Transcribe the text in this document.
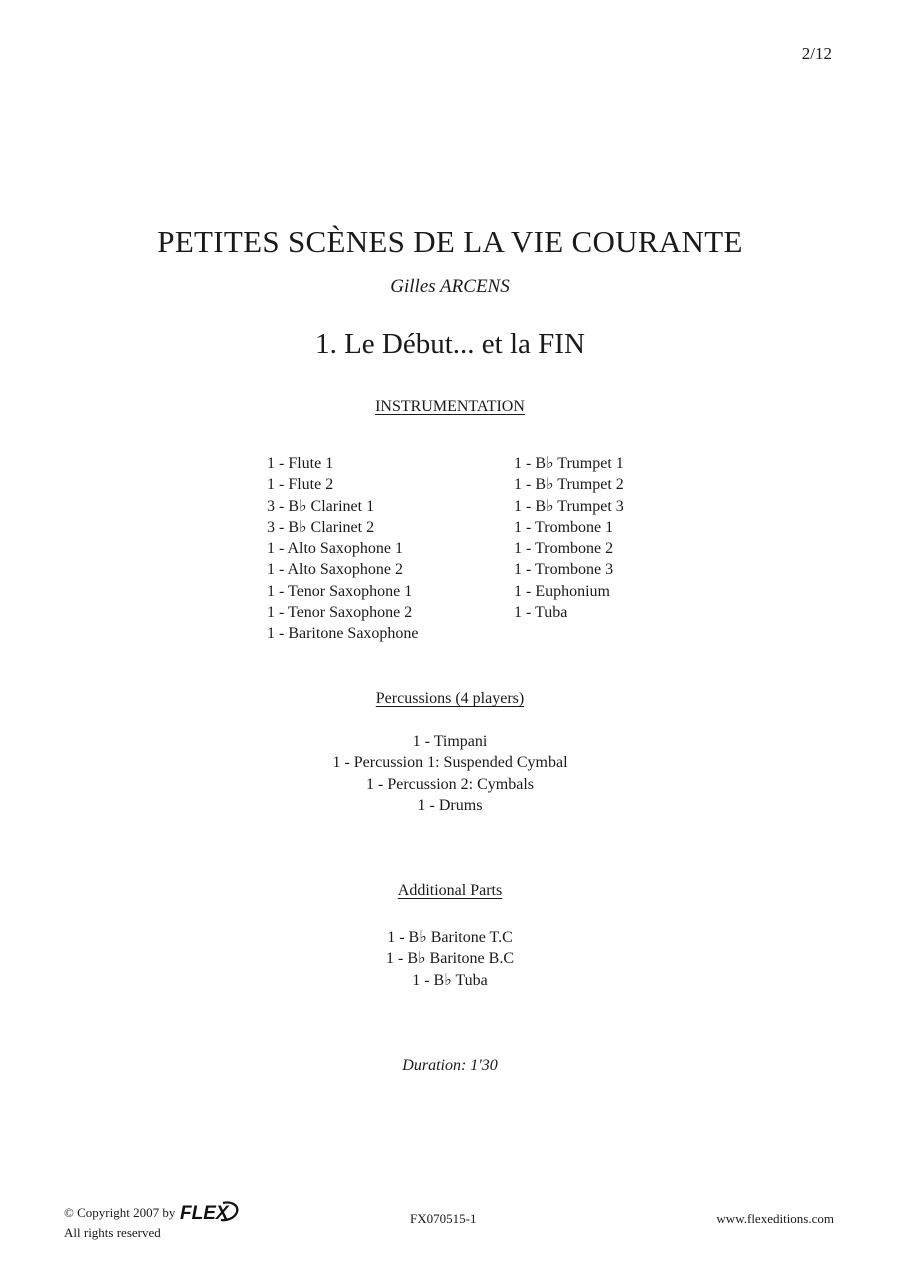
2/12
PETITES SCÈNES DE LA VIE COURANTE
Gilles ARCENS
1. Le Début... et la FIN
INSTRUMENTATION
1 - Flute 1
1 - Flute 2
3 - B♭ Clarinet 1
3 - B♭ Clarinet 2
1 - Alto Saxophone 1
1 - Alto Saxophone 2
1 - Tenor Saxophone 1
1 - Tenor Saxophone 2
1 - Baritone Saxophone
1 - B♭ Trumpet 1
1 - B♭ Trumpet 2
1 - B♭ Trumpet 3
1 - Trombone 1
1 - Trombone 2
1 - Trombone 3
1 - Euphonium
1 - Tuba
Percussions (4 players)
1 - Timpani
1 - Percussion 1: Suspended Cymbal
1 - Percussion 2: Cymbals
1 - Drums
Additional Parts
1 - B♭ Baritone T.C
1 - B♭ Baritone B.C
1 - B♭ Tuba
Duration: 1'30
© Copyright 2007 by FLEX
All rights reserved
FX070515-1	www.flexeditions.com
